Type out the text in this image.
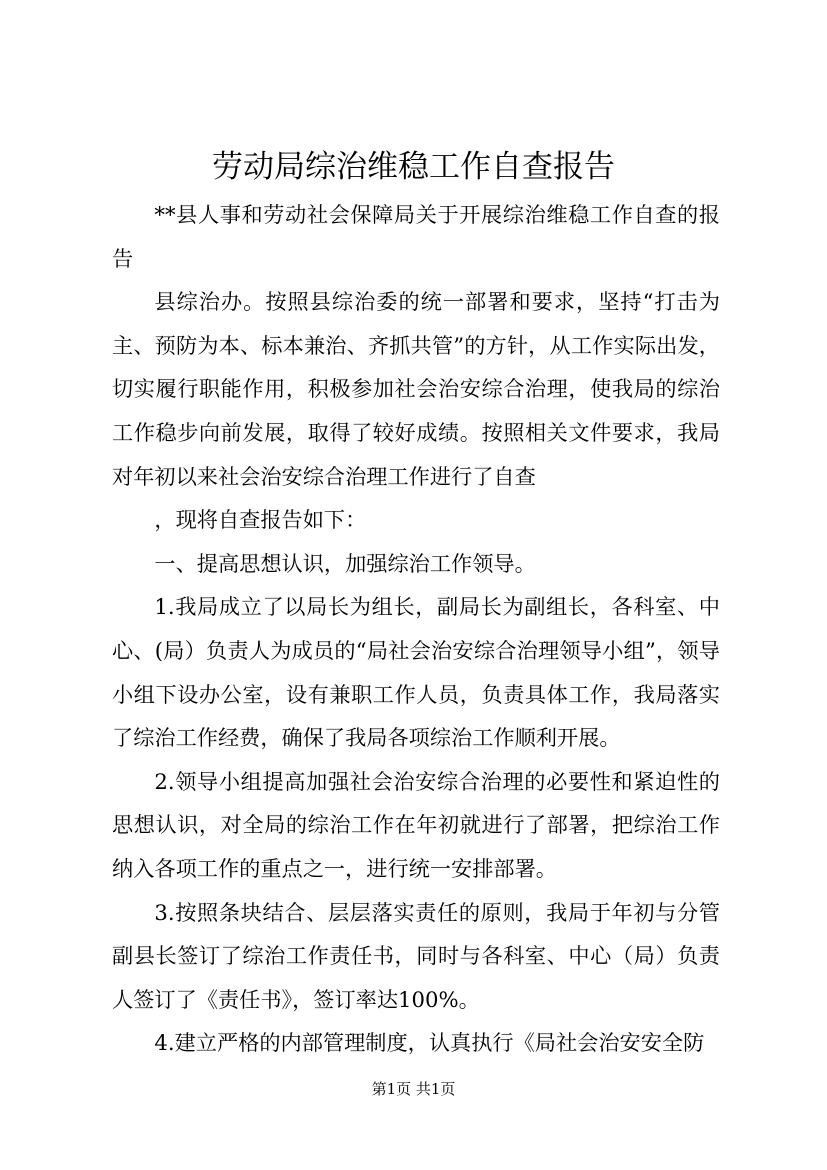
劳动局综治维稳工作自查报告

**县人事和劳动社会保障局关于开展综治维稳工作自查的报告

县综治办。按照县综治委的统一部署和要求，坚持“打击为主、预防为本、标本兼治、齐抓共管”的方针，从工作实际出发，切实履行职能作用，积极参加社会治安综合治理，使我局的综治工作稳步向前发展，取得了较好成绩。按照相关文件要求，我局对年初以来社会治安综合治理工作进行了自查

，现将自查报告如下：

一、提高思想认识，加强综治工作领导。

1.我局成立了以局长为组长，副局长为副组长，各科室、中心、(局）负责人为成员的“局社会治安综合治理领导小组”，领导小组下设办公室，设有兼职工作人员，负责具体工作，我局落实了综治工作经费，确保了我局各项综治工作顺利开展。

2.领导小组提高加强社会治安综合治理的必要性和紧迫性的思想认识，对全局的综治工作在年初就进行了部署，把综治工作纳入各项工作的重点之一，进行统一安排部署。

3.按照条块结合、层层落实责任的原则，我局于年初与分管副县长签订了综治工作责任书，同时与各科室、中心（局）负责人签订了《责任书》，签订率达100%。

4.建立严格的内部管理制度，认真执行《局社会治安安全防

第1页 共1页
